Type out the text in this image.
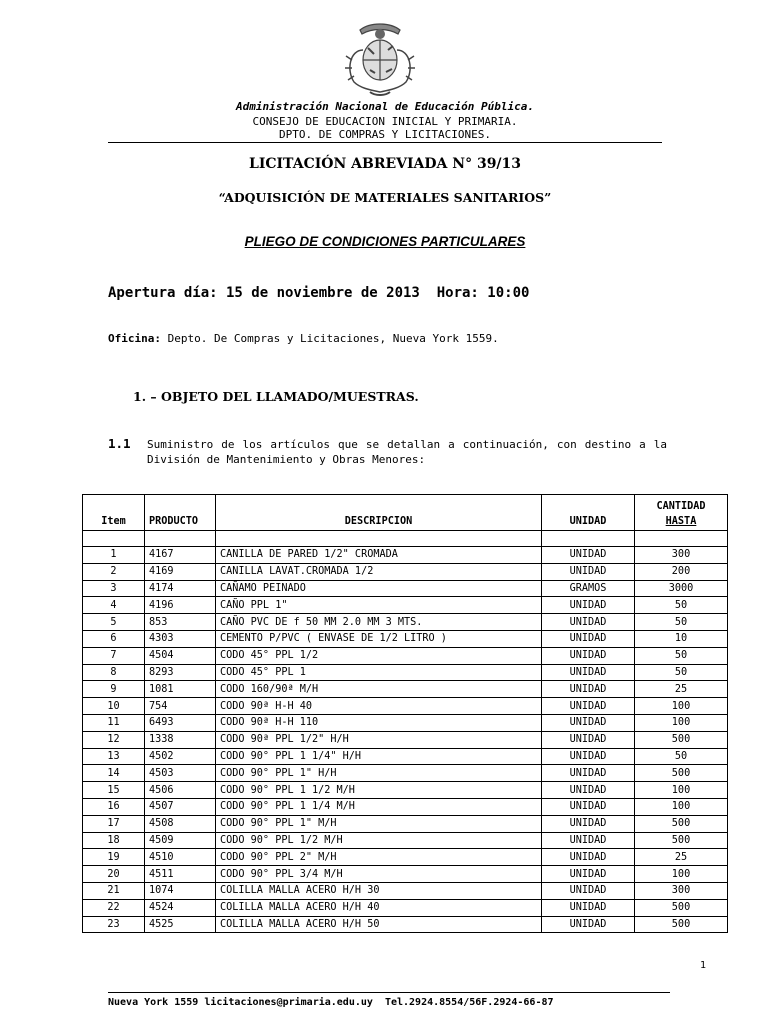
Administración Nacional de Educación Pública.
CONSEJO DE EDUCACION INICIAL Y PRIMARIA.
DPTO. DE COMPRAS Y LICITACIONES.
LICITACIÓN ABREVIADA N° 39/13
“ADQUISICIÓN DE MATERIALES SANITARIOS”
PLIEGO DE CONDICIONES PARTICULARES
Apertura día: 15 de noviembre de 2013  Hora: 10:00
Oficina: Depto. De Compras y Licitaciones, Nueva York 1559.
1. – OBJETO DEL LLAMADO/MUESTRAS.
1.1 Suministro de los artículos que se detallan a continuación, con destino a la División de Mantenimiento y Obras Menores:
Item	PRODUCTO	DESCRIPCION	UNIDAD	CANTIDAD
HASTA

1	4167	CANILLA DE PARED 1/2" CROMADA	UNIDAD	300
2	4169	CANILLA LAVAT.CROMADA 1/2	UNIDAD	200
3	4174	CAÑAMO PEINADO	GRAMOS	3000
4	4196	CAÑO PPL 1"	UNIDAD	50
5	853	CAÑO PVC DE f 50 MM 2.0 MM 3 MTS.	UNIDAD	50
6	4303	CEMENTO P/PVC ( ENVASE DE 1/2 LITRO )	UNIDAD	10
7	4504	CODO 45° PPL 1/2	UNIDAD	50
8	8293	CODO 45° PPL 1	UNIDAD	50
9	1081	CODO 160/90ª M/H	UNIDAD	25
10	754	CODO 90ª H-H 40	UNIDAD	100
11	6493	CODO 90ª H-H 110	UNIDAD	100
12	1338	CODO 90ª PPL 1/2" H/H	UNIDAD	500
13	4502	CODO 90° PPL 1 1/4" H/H	UNIDAD	50
14	4503	CODO 90° PPL 1" H/H	UNIDAD	500
15	4506	CODO 90° PPL 1 1/2 M/H	UNIDAD	100
16	4507	CODO 90° PPL 1 1/4 M/H	UNIDAD	100
17	4508	CODO 90° PPL 1" M/H	UNIDAD	500
18	4509	CODO 90° PPL 1/2 M/H	UNIDAD	500
19	4510	CODO 90° PPL 2" M/H	UNIDAD	25
20	4511	CODO 90° PPL 3/4 M/H	UNIDAD	100
21	1074	COLILLA MALLA ACERO H/H 30	UNIDAD	300
22	4524	COLILLA MALLA ACERO H/H 40	UNIDAD	500
23	4525	COLILLA MALLA ACERO H/H 50	UNIDAD	500
1
Nueva York 1559 licitaciones@primaria.edu.uy  Tel.2924.8554/56F.2924-66-87
